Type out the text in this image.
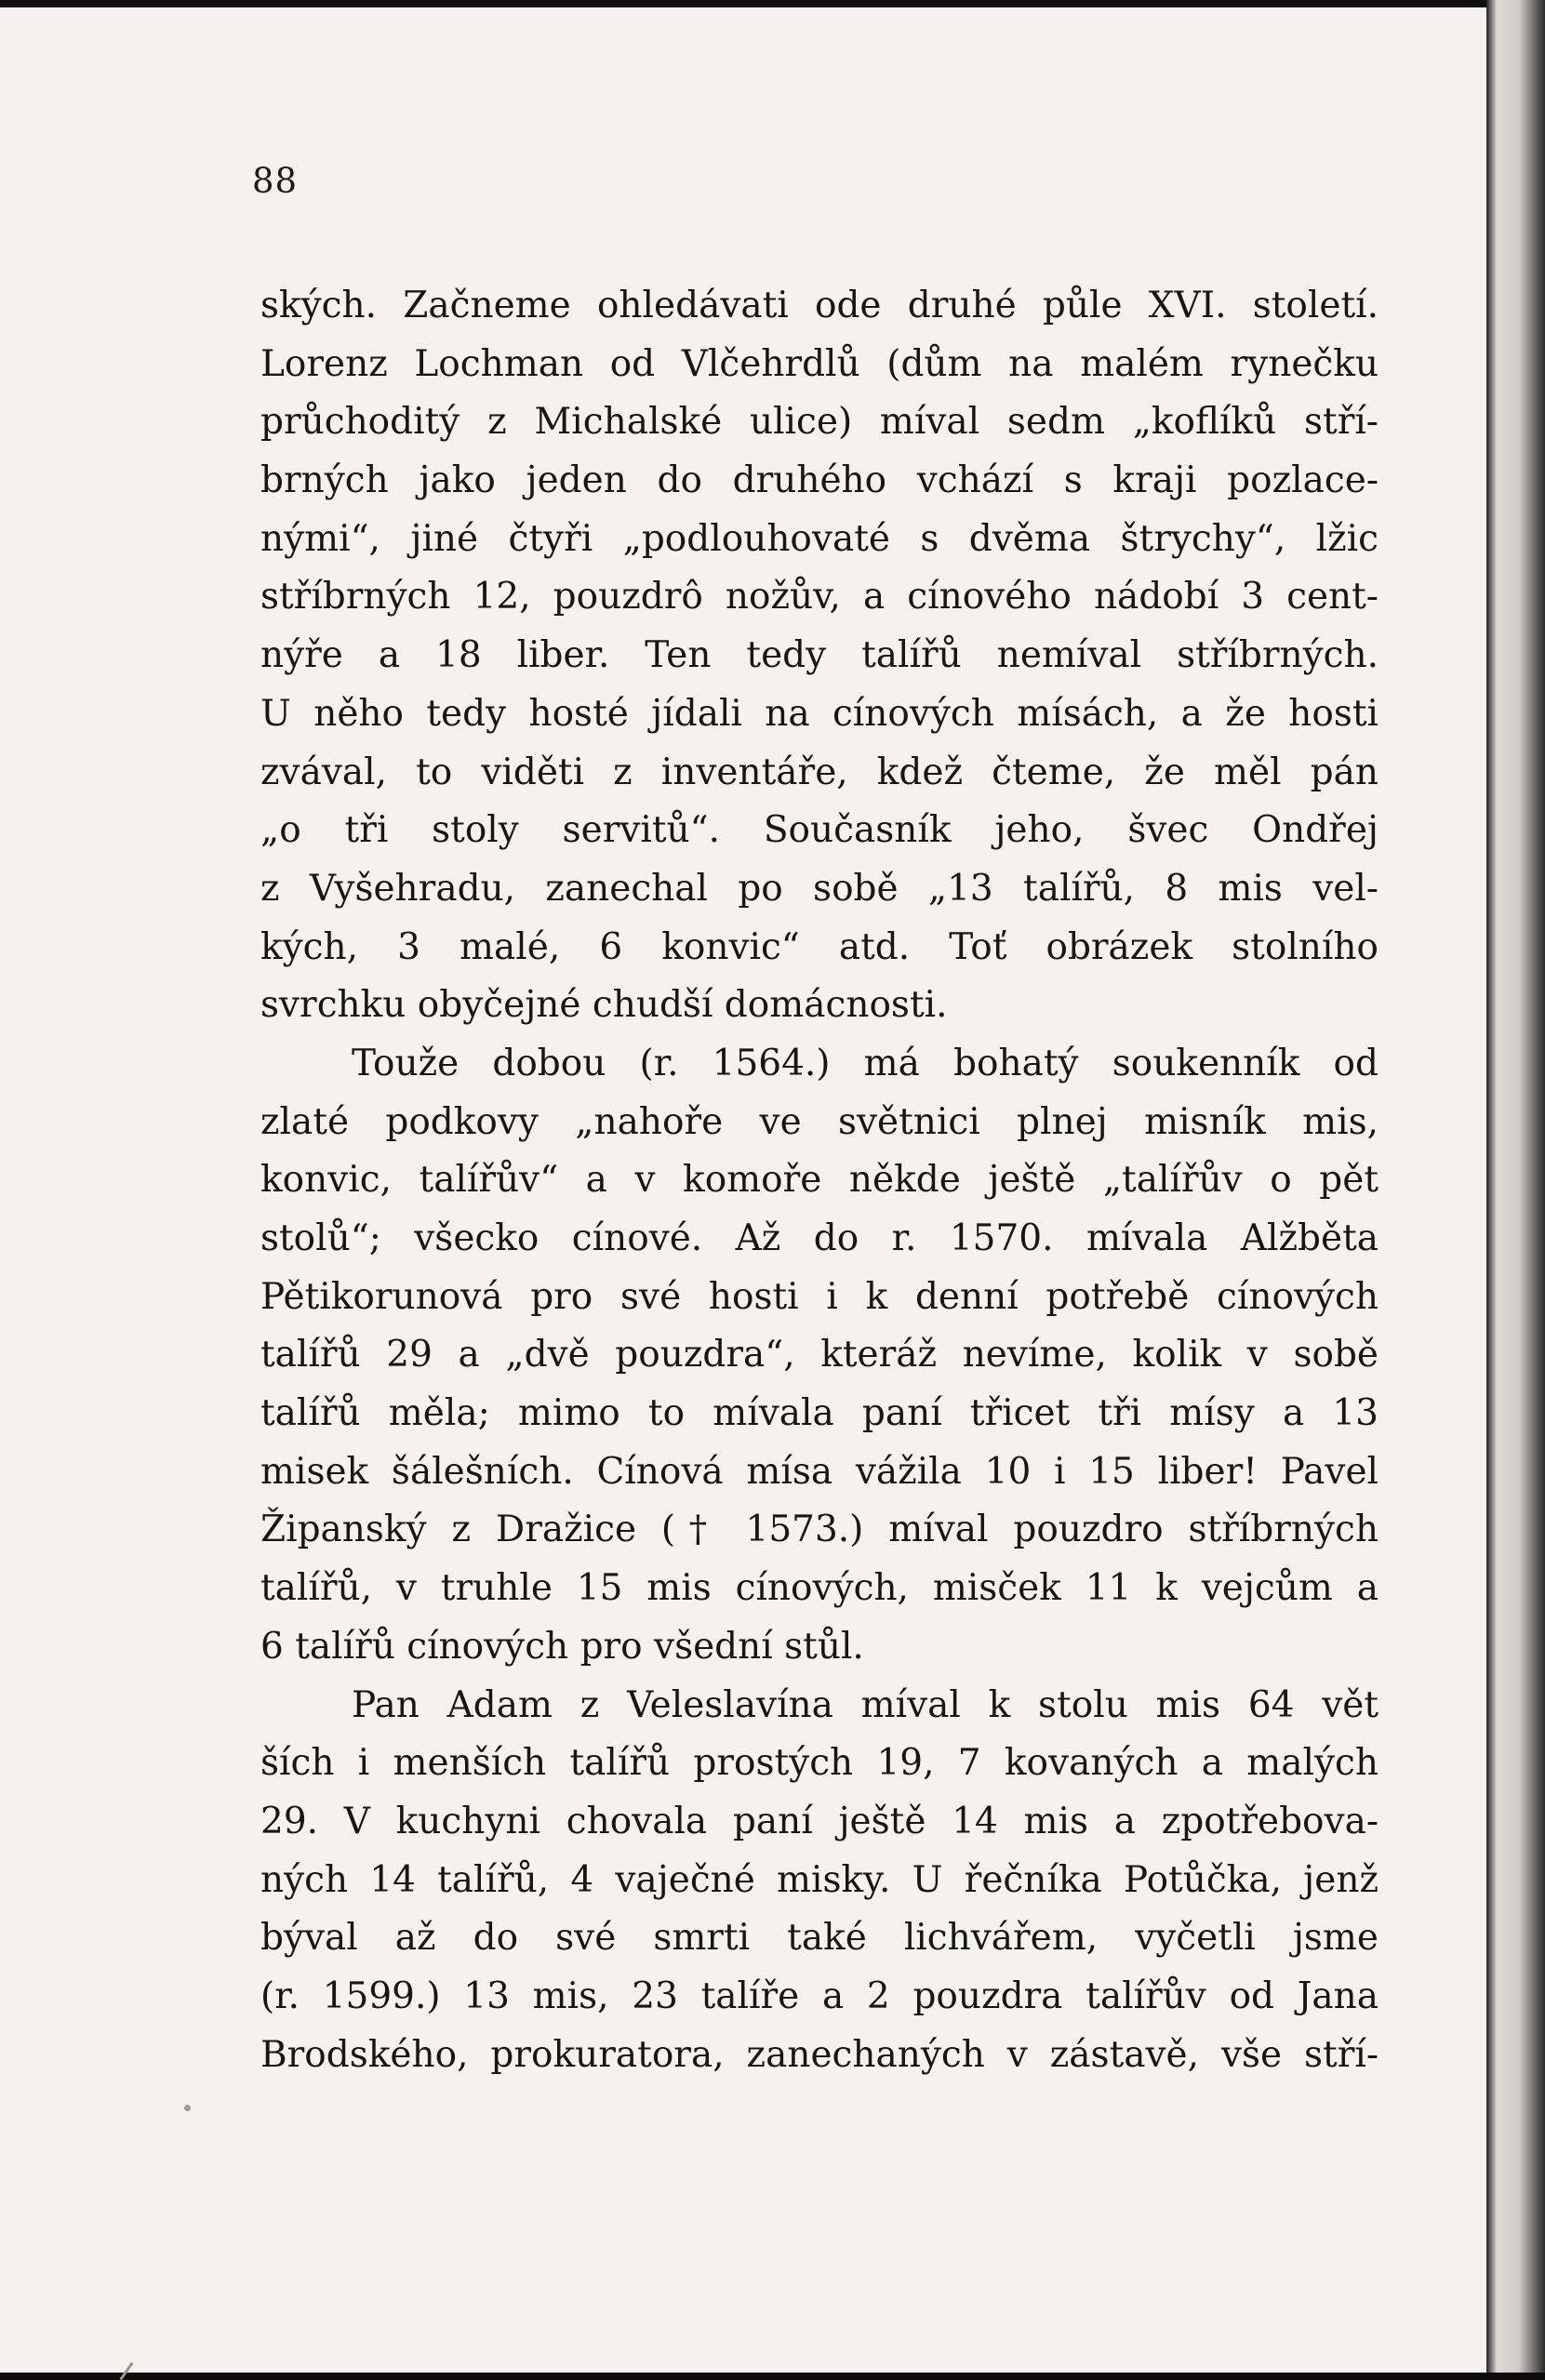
88
ských. Začneme ohledávati ode druhé půle XVI. století.
Lorenz Lochman od Vlčehrdlů (dům na malém rynečku
průchoditý z Michalské ulice) míval sedm „koflíků stří-
brných jako jeden do druhého vchází s kraji pozlace-
nými“, jiné čtyři „podlouhovaté s dvěma štrychy“, lžic
stříbrných 12, pouzdrô nožův, a cínového nádobí 3 cent-
nýře a 18 liber. Ten tedy talířů nemíval stříbrných.
U něho tedy hosté jídali na cínových mísách, a že hosti
zvával, to viděti z inventáře, kdež čteme, že měl pán
„o tři stoly servitů“. Současník jeho, švec Ondřej
z Vyšehradu, zanechal po sobě „13 talířů, 8 mis vel-
kých, 3 malé, 6 konvic“ atd. Toť obrázek stolního
svrchku obyčejné chudší domácnosti.
Touže dobou (r. 1564.) má bohatý soukenník od
zlaté podkovy „nahoře ve světnici plnej misník mis,
konvic, talířův“ a v komoře někde ještě „talířův o pět
stolů“; všecko cínové. Až do r. 1570. mívala Alžběta
Pětikorunová pro své hosti i k denní potřebě cínových
talířů 29 a „dvě pouzdra“, kteráž nevíme, kolik v sobě
talířů měla; mimo to mívala paní třicet tři mísy a 13
misek šálešních. Cínová mísa vážila 10 i 15 liber! Pavel
Žipanský z Dražice († 1573.) míval pouzdro stříbrných
talířů, v truhle 15 mis cínových, misček 11 k vejcům a
6 talířů cínových pro všední stůl.
Pan Adam z Veleslavína míval k stolu mis 64 vět
ších i menších talířů prostých 19, 7 kovaných a malých
29. V kuchyni chovala paní ještě 14 mis a zpotřebova-
ných 14 talířů, 4 vaječné misky. U řečníka Potůčka, jenž
býval až do své smrti také lichvářem, vyčetli jsme
(r. 1599.) 13 mis, 23 talíře a 2 pouzdra talířův od Jana
Brodského, prokuratora, zanechaných v zástavě, vše stří-
